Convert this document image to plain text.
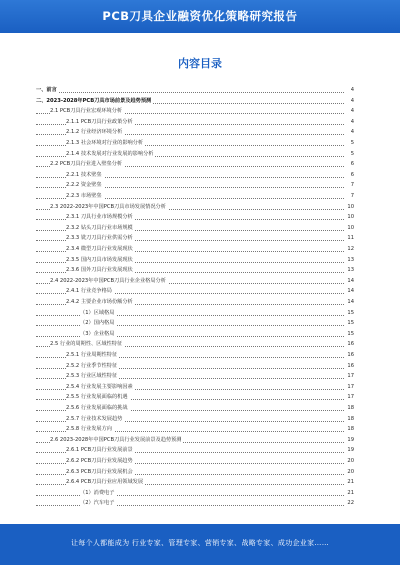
PCB刀具企业融资优化策略研究报告
内容目录
一、前言	4
二、2023-2028年PCB刀具市场前景及趋势预测	4
2.1 PCB刀具行业宏观环境分析	4
2.1.1 PCB刀具行业政策分析	4
2.1.2 行业经济环境分析	4
2.1.3 社会环境对行业的影响分析	5
2.1.4 技术发展对行业发展的影响分析	5
2.2 PCB刀具行业进入壁垒分析	6
2.2.1 技术壁垒	6
2.2.2 资金壁垒	7
2.2.3 市场壁垒	7
2.3 2022-2023年中国PCB刀具市场发展情况分析	10
2.3.1 刀具行业市场规模分析	10
2.3.2 钻头刀具行业市场规模	10
2.3.3 铣刀刀具行业供需分析	11
2.3.4 微型刀具行业发展现状	12
2.3.5 国内刀具市场发展现状	13
2.3.6 国外刀具行业发展现状	13
2.4 2022-2023年中国PCB刀具行业企业格局分析	14
2.4.1 行业竞争格局	14
2.4.2 主要企业市场份额分析	14
（1）区域格局	15
（2）国内格局	15
（3）企业格局	15
2.5 行业的周期性、区域性特征	16
2.5.1 行业周期性特征	16
2.5.2 行业季节性特征	16
2.5.3 行业区域性特征	17
2.5.4 行业发展主要影响因素	17
2.5.5 行业发展面临的机遇	17
2.5.6 行业发展面临的挑战	18
2.5.7 行业技术发展趋势	18
2.5.8 行业发展方向	18
2.6 2023-2028年中国PCB刀具行业发展前景及趋势预测	19
2.6.1 PCB刀具行业发展前景	19
2.6.2 PCB刀具行业发展趋势	20
2.6.3 PCB刀具行业发展机会	20
2.6.4 PCB刀具行业应用领域发展	21
（1）消费电子	21
（2）汽车电子	22
让每个人都能成为 行业专家、管理专家、营销专家、战略专家、成功企业家……
